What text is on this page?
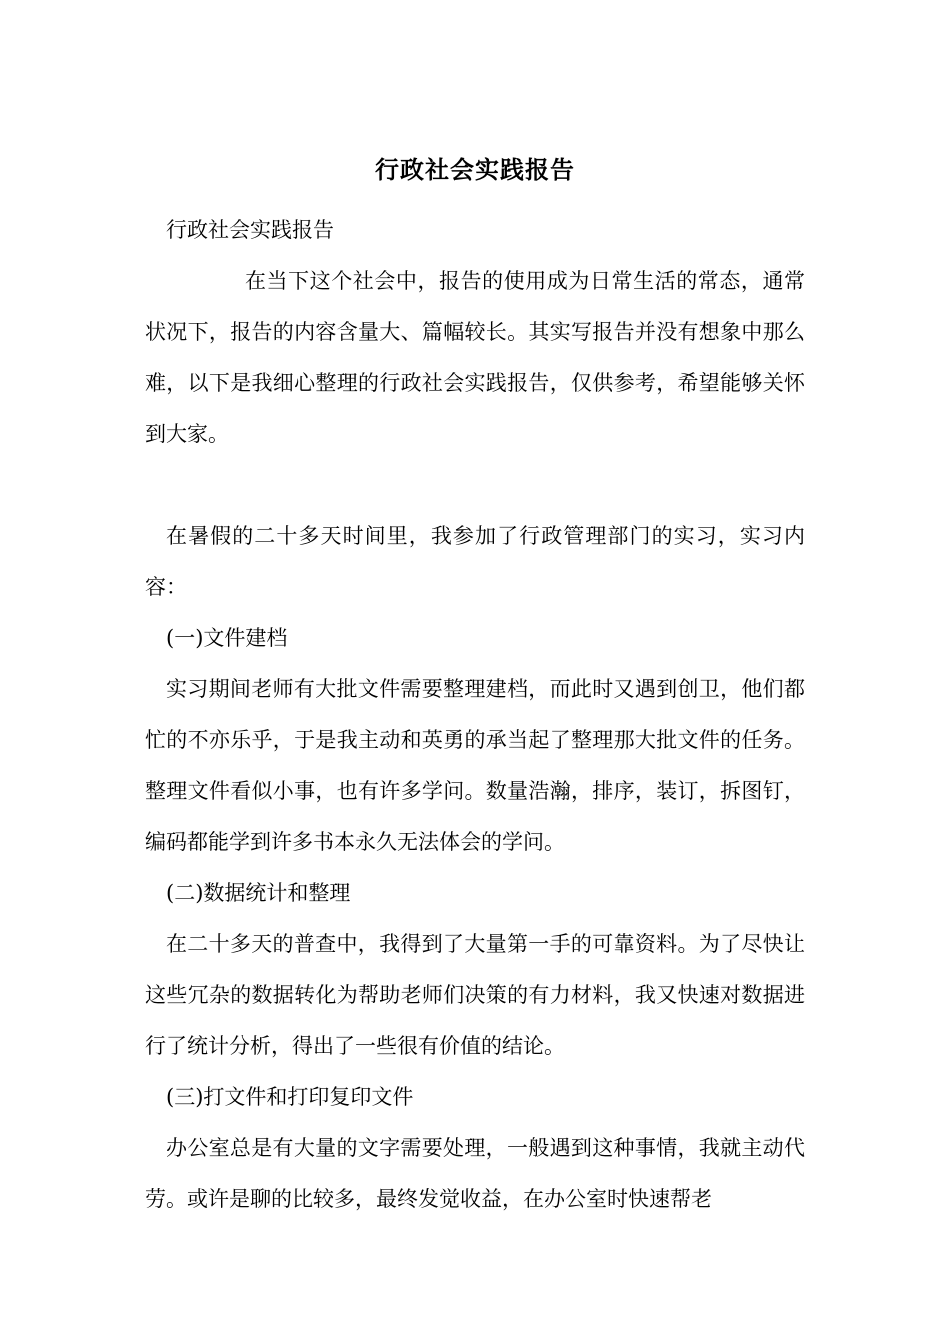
行政社会实践报告

行政社会实践报告

在当下这个社会中，报告的使用成为日常生活的常态，通常状况下，报告的内容含量大、篇幅较长。其实写报告并没有想象中那么难，以下是我细心整理的行政社会实践报告，仅供参考，希望能够关怀到大家。

在暑假的二十多天时间里，我参加了行政管理部门的实习，实习内容：

(一)文件建档

实习期间老师有大批文件需要整理建档，而此时又遇到创卫，他们都忙的不亦乐乎，于是我主动和英勇的承当起了整理那大批文件的任务。整理文件看似小事，也有许多学问。数量浩瀚，排序，装订，拆图钉，编码都能学到许多书本永久无法体会的学问。

(二)数据统计和整理

在二十多天的普查中，我得到了大量第一手的可靠资料。为了尽快让这些冗杂的数据转化为帮助老师们决策的有力材料，我又快速对数据进行了统计分析，得出了一些很有价值的结论。

(三)打文件和打印复印文件

办公室总是有大量的文字需要处理，一般遇到这种事情，我就主动代劳。或许是聊的比较多，最终发觉收益，在办公室时快速帮老
